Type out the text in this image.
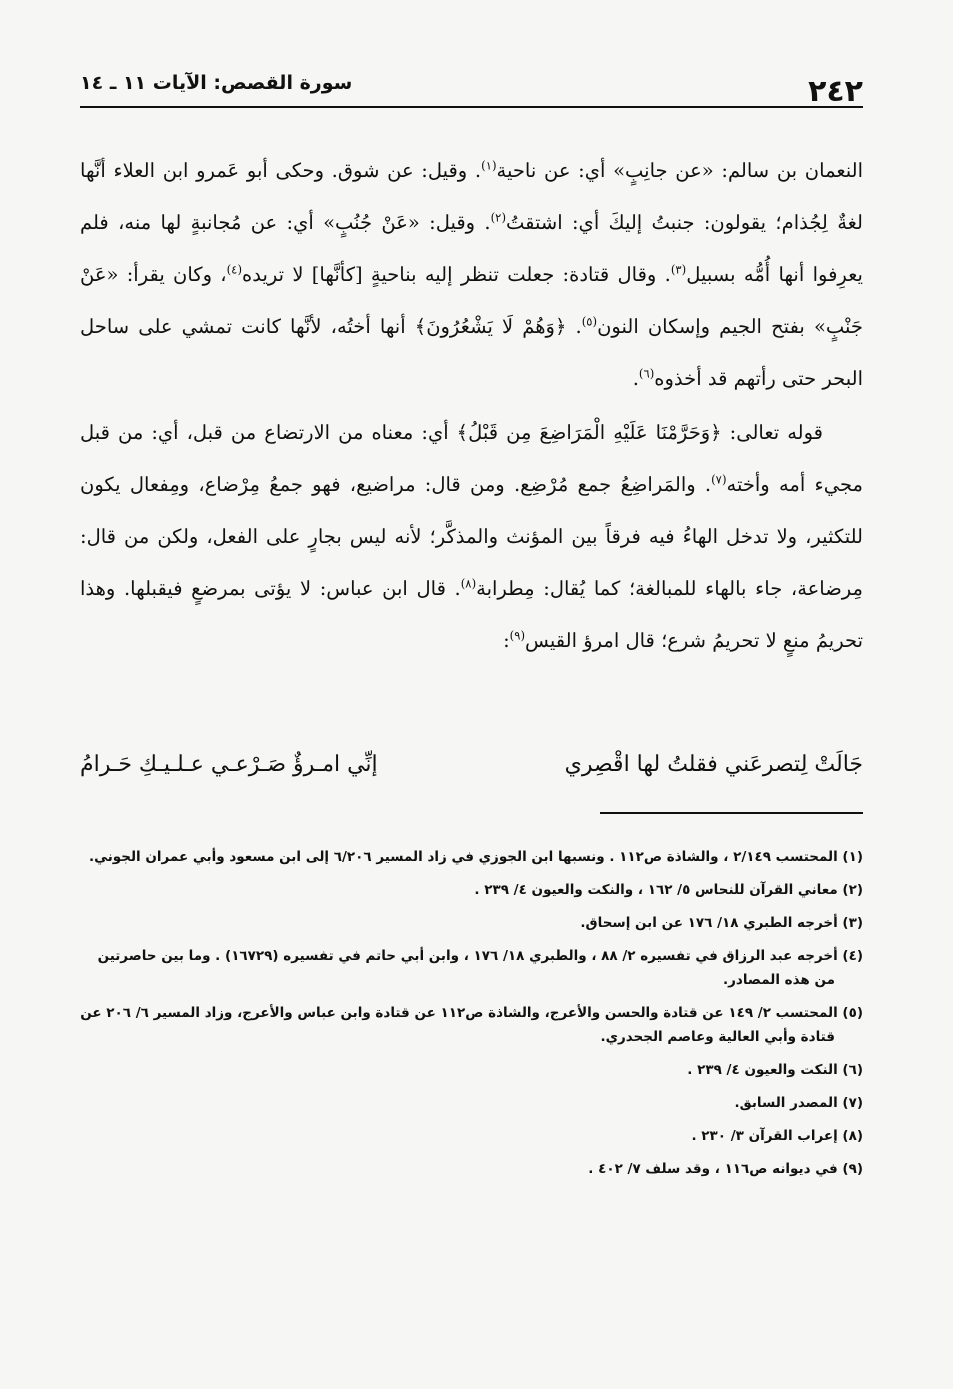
٢٤٢
سورة القصص: الآيات ١١ ـ ١٤

النعمان بن سالم: «عن جانِبٍ» أي: عن ناحية$^{(١)}$. وقيل: عن شوق. وحكى أبو عَمرو ابن العلاء أنَّها لغةٌ لِجُذام؛ يقولون: جنبتُ إليكَ أي: اشتقتُ$^{(٢)}$. وقيل: «عَنْ جُنُبٍ» أي: عن مُجانبةٍ لها منه، فلم يعرِفوا أنها أُمُّه بسبيل$^{(٣)}$. وقال قتادة: جعلت تنظر إليه بناحيةٍ [كأنَّها] لا تريده$^{(٤)}$، وكان يقرأ: «عَنْ جَنْبٍ» بفتح الجيم وإسكان النون$^{(٥)}$. ﴿وَهُمْ لَا يَشْعُرُونَ﴾ أنها أختُه، لأنَّها كانت تمشي على ساحل البحر حتى رأتهم قد أخذوه$^{(٦)}$.

قوله تعالى: ﴿وَحَرَّمْنَا عَلَيْهِ الْمَرَاضِعَ مِن قَبْلُ﴾ أي: معناه من الارتضاع من قبل، أي: من قبل مجيء أمه وأخته$^{(٧)}$. والمَراضِعُ جمع مُرْضِع. ومن قال: مراضيع، فهو جمعُ مِرْضاع، ومِفعال يكون للتكثير، ولا تدخل الهاءُ فيه فرقاً بين المؤنث والمذكَّر؛ لأنه ليس بجارٍ على الفعل، ولكن من قال: مِرضاعة، جاء بالهاء للمبالغة؛ كما يُقال: مِطرابة$^{(٨)}$. قال ابن عباس: لا يؤتى بمرضعٍ فيقبلها. وهذا تحريمُ منعٍ لا تحريمُ شرع؛ قال امرؤ القيس$^{(٩)}$:

جَالَتْ لِتصرعَني فقلتُ لها اقْصِري
إنِّي امـرؤٌ صَـرْعـي عـلـيـكِ حَـرامُ
(١) المحتسب ٢/١٤٩ ، والشاذة ص١١٢ . ونسبها ابن الجوزي في زاد المسير ٦/٢٠٦ إلى ابن مسعود وأبي عمران الجوني.
(٢) معاني القرآن للنحاس ٥/ ١٦٢ ، والنكت والعيون ٤/ ٢٣٩ .
(٣) أخرجه الطبري ١٨/ ١٧٦ عن ابن إسحاق.
(٤) أخرجه عبد الرزاق في تفسيره ٢/ ٨٨ ، والطبري ١٨/ ١٧٦ ، وابن أبي حاتم في تفسيره (١٦٧٢٩) . وما بين حاصرتين من هذه المصادر.
(٥) المحتسب ٢/ ١٤٩ عن قتادة والحسن والأعرج، والشاذة ص١١٢ عن قتادة وابن عباس والأعرج، وزاد المسير ٦/ ٢٠٦ عن قتادة وأبي العالية وعاصم الجحدري.
(٦) النكت والعيون ٤/ ٢٣٩ .
(٧) المصدر السابق.
(٨) إعراب القرآن ٣/ ٢٣٠ .
(٩) في ديوانه ص١١٦ ، وقد سلف ٧/ ٤٠٢ .
